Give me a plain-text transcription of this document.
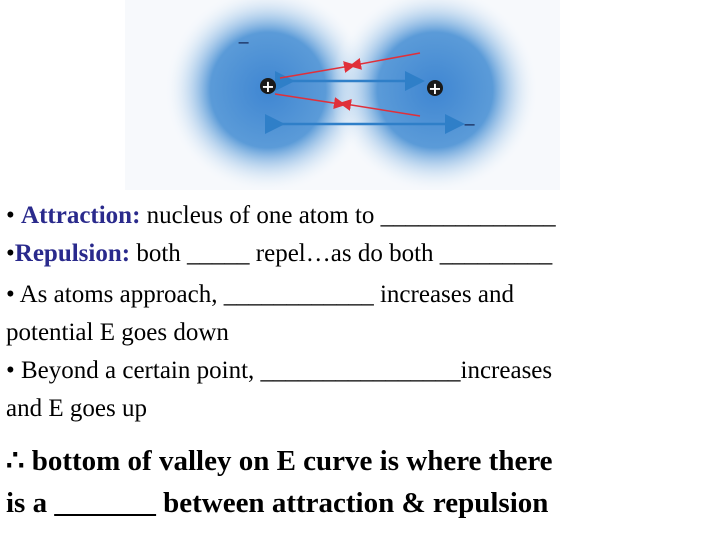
+	+
−
−

• Attraction: nucleus of one atom to ______________

•Repulsion: both _____ repel…as do both _________

• As atoms approach, ____________ increases and

potential E goes down

• Beyond a certain point, ________________increases

and E goes up

∴ bottom of valley on E curve is where there
is a _______ between attraction & repulsion
